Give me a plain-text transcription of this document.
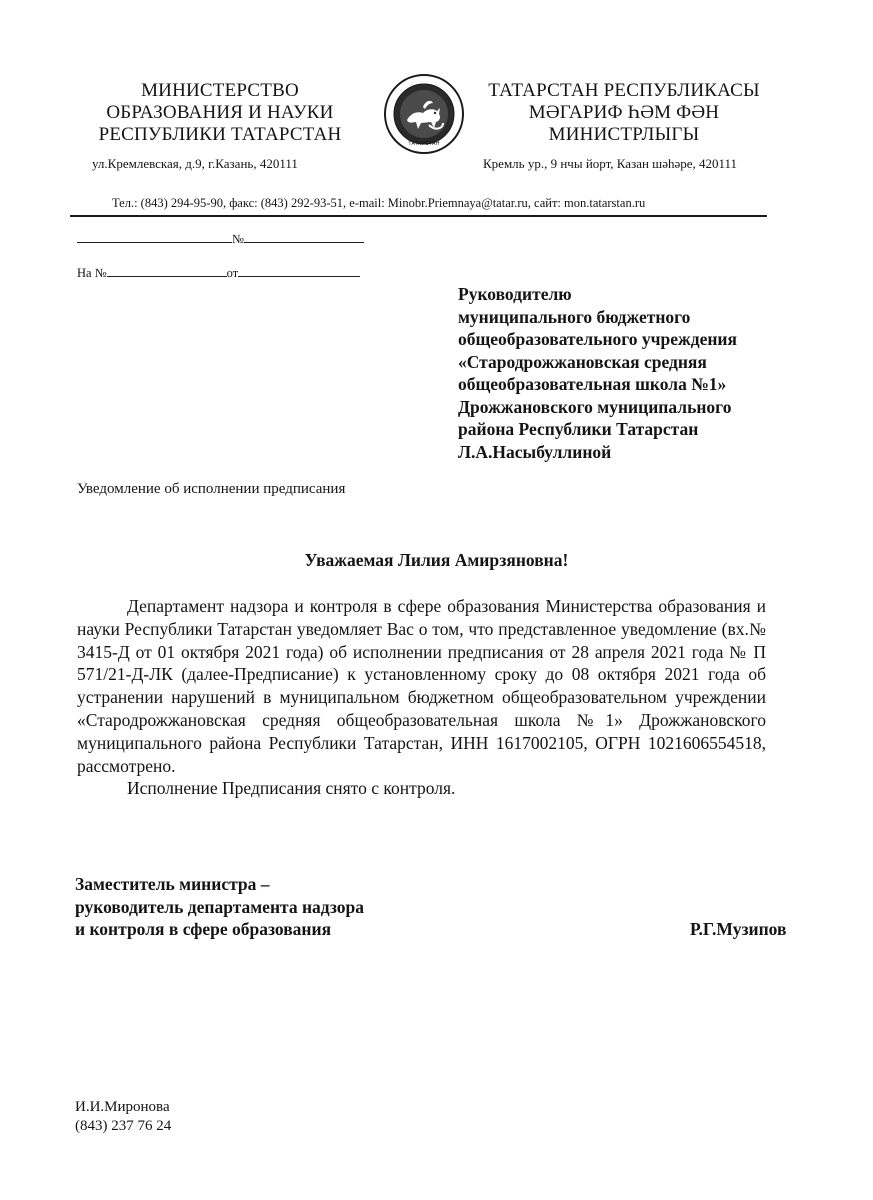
МИНИСТЕРСТВО
ОБРАЗОВАНИЯ И НАУКИ
РЕСПУБЛИКИ ТАТАРСТАН
ул.Кремлевская, д.9, г.Казань, 420111
ТАТАРСТАН
ТАТАРСТАН РЕСПУБЛИКАСЫ
МӘГАРИФ ҺӘМ ФӘН
МИНИСТРЛЫГЫ
Кремль ур., 9 нчы йорт, Казан шәһәре, 420111
Тел.: (843) 294-95-90, факс: (843) 292-93-51, e-mail: Minobr.Priemnaya@tatar.ru, сайт: mon.tatarstan.ru
№
На №	от
Руководителю
муниципального бюджетного
общеобразовательного учреждения
«Стародрожжановская средняя
общеобразовательная школа №1»
Дрожжановского муниципального
района Республики Татарстан
Л.А.Насыбуллиной
Уведомление об исполнении предписания
Уважаемая Лилия Амирзяновна!

Департамент надзора и контроля в сфере образования Министерства образования и науки Республики Татарстан уведомляет Вас о том, что представленное уведомление (вх.№ 3415-Д от 01 октября 2021 года) об исполнении предписания от 28 апреля 2021 года № П 571/21-Д-ЛК (далее-Предписание) к установленному сроку до 08 октября 2021 года об устранении нарушений в муниципальном бюджетном общеобразовательном учреждении «Стародрожжановская средняя общеобразовательная школа №1» Дрожжановского муниципального района Республики Татарстан, ИНН 1617002105, ОГРН 1021606554518, рассмотрено.

Исполнение Предписания снято с контроля.

Заместитель министра –
руководитель департамента надзора
и контроля в сфере образования	Р.Г.Музипов
И.И.Миронова
(843) 237 76 24
